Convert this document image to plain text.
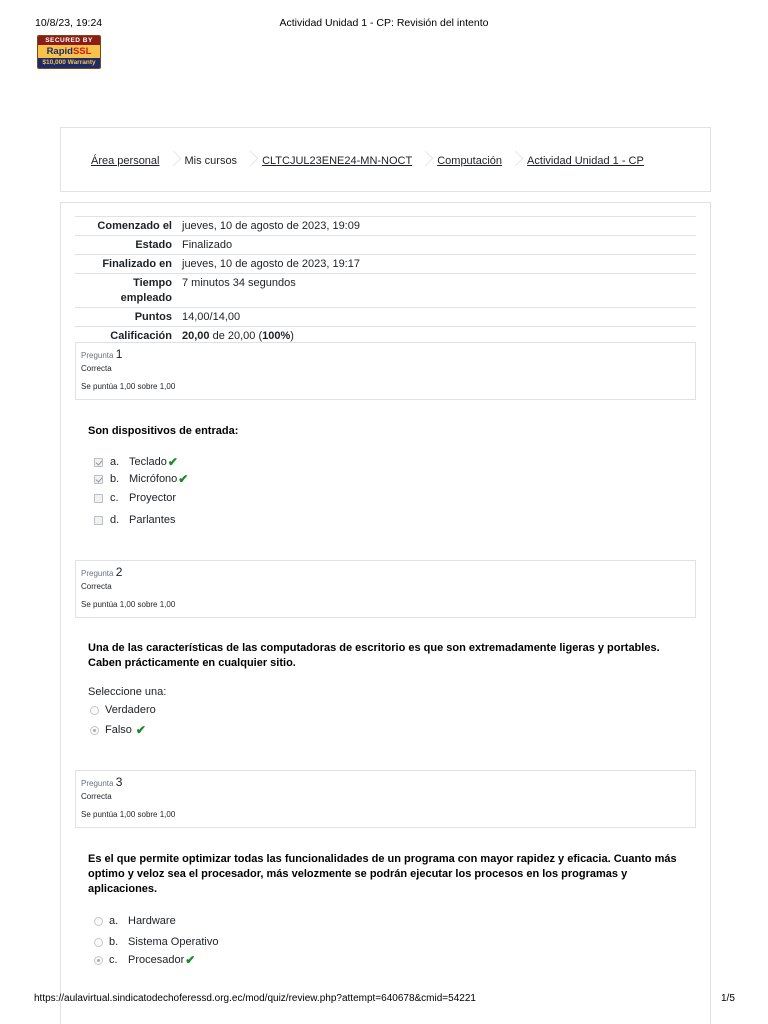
10/8/23, 19:24	Actividad Unidad 1 - CP: Revisión del intento
SECURED BY
RapidSSL
$10,000 Warranty
Área personal Mis cursos CLTCJUL23ENE24-MN-NOCT Computación Actividad Unidad 1 - CP
Comenzado el jueves, 10 de agosto de 2023, 19:09
Estado Finalizado
Finalizado en jueves, 10 de agosto de 2023, 19:17
Tiempo
empleado
7 minutos 34 segundos
Puntos 14,00/14,00
Calificación 20,00 de 20,00 (100%)
Pregunta 1
Correcta
Se puntúa 1,00 sobre 1,00
Son dispositivos de entrada:
a. Teclado ✔
b. Micrófono ✔
c. Proyector
d. Parlantes
Pregunta 2
Correcta
Se puntúa 1,00 sobre 1,00
Una de las características de las computadoras de escritorio es que son extremadamente ligeras y portables.
Caben prácticamente en cualquier sitio.
Seleccione una:
Verdadero
Falso ✔
Pregunta 3
Correcta
Se puntúa 1,00 sobre 1,00
Es el que permite optimizar todas las funcionalidades de un programa con mayor rapidez y eficacia. Cuanto más
optimo y veloz sea el procesador, más velozmente se podrán ejecutar los procesos en los programas y
aplicaciones.
a. Hardware
b. Sistema Operativo
c. Procesador ✔
https://aulavirtual.sindicatodechoferessd.org.ec/mod/quiz/review.php?attempt=640678&cmid=54221	1/5
